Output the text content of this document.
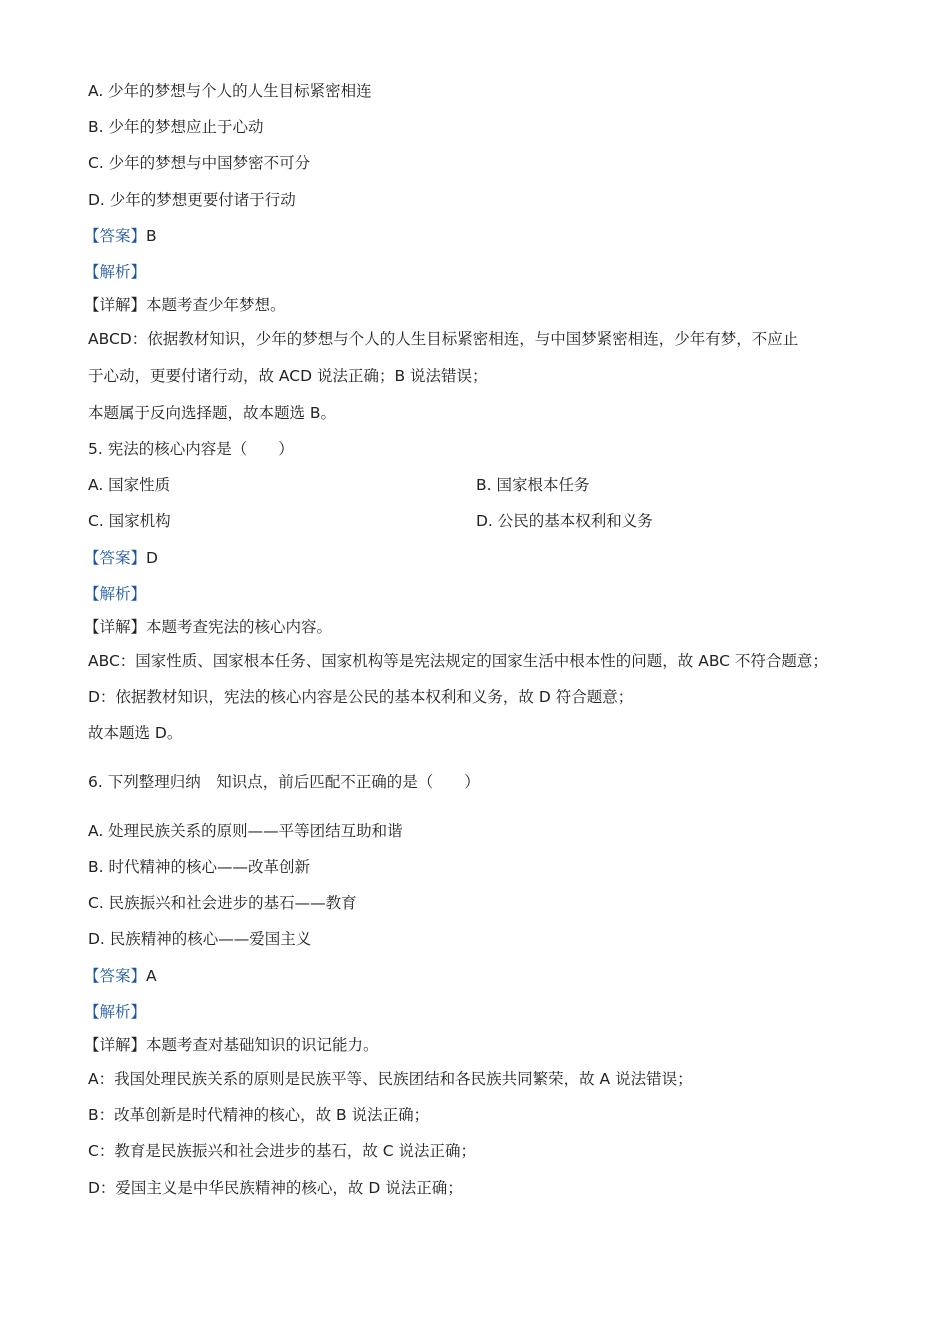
A. 少年的梦想与个人的人生目标紧密相连
B. 少年的梦想应止于心动
C. 少年的梦想与中国梦密不可分
D. 少年的梦想更要付诸于行动
【答案】B
【解析】
【详解】本题考查少年梦想。
ABCD：依据教材知识，少年的梦想与个人的人生目标紧密相连，与中国梦紧密相连，少年有梦，不应止
于心动，更要付诸行动，故 ACD 说法正确；B 说法错误；
本题属于反向选择题，故本题选 B。
5. 宪法的核心内容是（　　）
A. 国家性质	B. 国家根本任务
C. 国家机构	D. 公民的基本权利和义务
【答案】D
【解析】
【详解】本题考查宪法的核心内容。
ABC：国家性质、国家根本任务、国家机构等是宪法规定的国家生活中根本性的问题，故 ABC 不符合题意；
D：依据教材知识，宪法的核心内容是公民的基本权利和义务，故 D 符合题意；
故本题选 D。
6. 下列整理归纳　知识点，前后匹配不正确的是（　　）
A. 处理民族关系的原则——平等团结互助和谐
B. 时代精神的核心——改革创新
C. 民族振兴和社会进步的基石——教育
D. 民族精神的核心——爱国主义
【答案】A
【解析】
【详解】本题考查对基础知识的识记能力。
A：我国处理民族关系的原则是民族平等、民族团结和各民族共同繁荣，故 A 说法错误；
B：改革创新是时代精神的核心，故 B 说法正确；
C：教育是民族振兴和社会进步的基石，故 C 说法正确；
D：爱国主义是中华民族精神的核心，故 D 说法正确；
